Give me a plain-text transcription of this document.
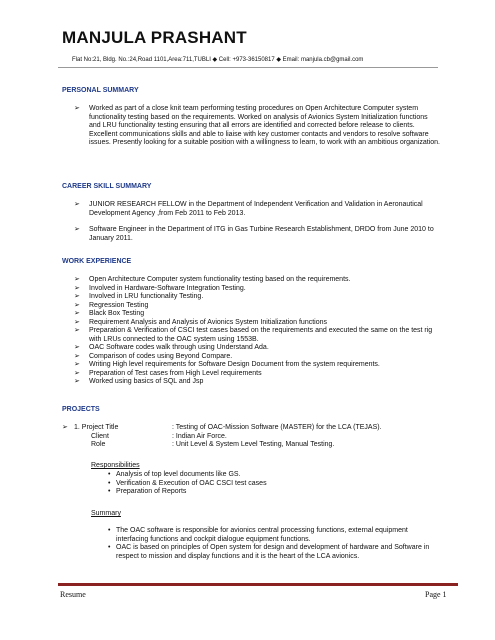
MANJULA PRASHANT
Flat No:21, Bldg. No.:24,Road 1101,Area:711,TUBLI ◆ Cell: +973-36150817 ◆ Email: manjula.cb@gmail.com
PERSONAL SUMMARY
➢ Worked as part of a close knit team performing testing procedures on Open Architecture Computer system functionality testing based on the requirements. Worked on analysis of Avionics System Initialization functions and LRU functionality testing ensuring that all errors are identified and corrected before release to clients.
Excellent communications skills and able to liaise with key customer contacts and vendors to resolve software issues. Presently looking for a suitable position with a willingness to learn, to work with an ambitious organization.
CAREER SKILL SUMMARY
➢ JUNIOR RESEARCH FELLOW in the Department of Independent Verification and Validation in Aeronautical Development Agency ,from Feb 2011 to Feb 2013.
➢ Software Engineer in the Department of ITG in Gas Turbine Research Establishment, DRDO from June 2010 to January 2011.
WORK EXPERIENCE
➢ Open Architecture Computer system functionality testing based on the requirements.
➢ Involved in Hardware-Software Integration Testing.
➢ Involved in LRU functionality Testing.
➢ Regression Testing
➢ Black Box Testing
➢ Requirement Analysis and Analysis of Avionics System Initialization functions
➢ Preparation & Verification of CSCI test cases based on the requirements and executed the same on the test rig with LRUs connected to the OAC system using 1553B.
➢ OAC Software codes walk through using Understand Ada.
➢ Comparison of codes using Beyond Compare.
➢ Writing High level requirements for Software Design Document from the system requirements.
➢ Preparation of Test cases from High Level requirements
➢ Worked using basics of SQL and Jsp
PROJECTS
➢ 1. Project Title	: Testing of OAC-Mission Software (MASTER) for the LCA (TEJAS).
Client	: Indian Air Force.
Role	: Unit Level & System Level Testing, Manual Testing.
Responsibilities
• Analysis of top level documents like GS.
• Verification & Execution of OAC CSCI test cases
• Preparation of Reports
Summary
• The OAC software is responsible for avionics central processing functions, external equipment interfacing functions and cockpit dialogue equipment functions.
• OAC is based on principles of Open system for design and development of hardware and Software in respect to mission and display functions and it is the heart of the LCA avionics.
Resume	Page 1
